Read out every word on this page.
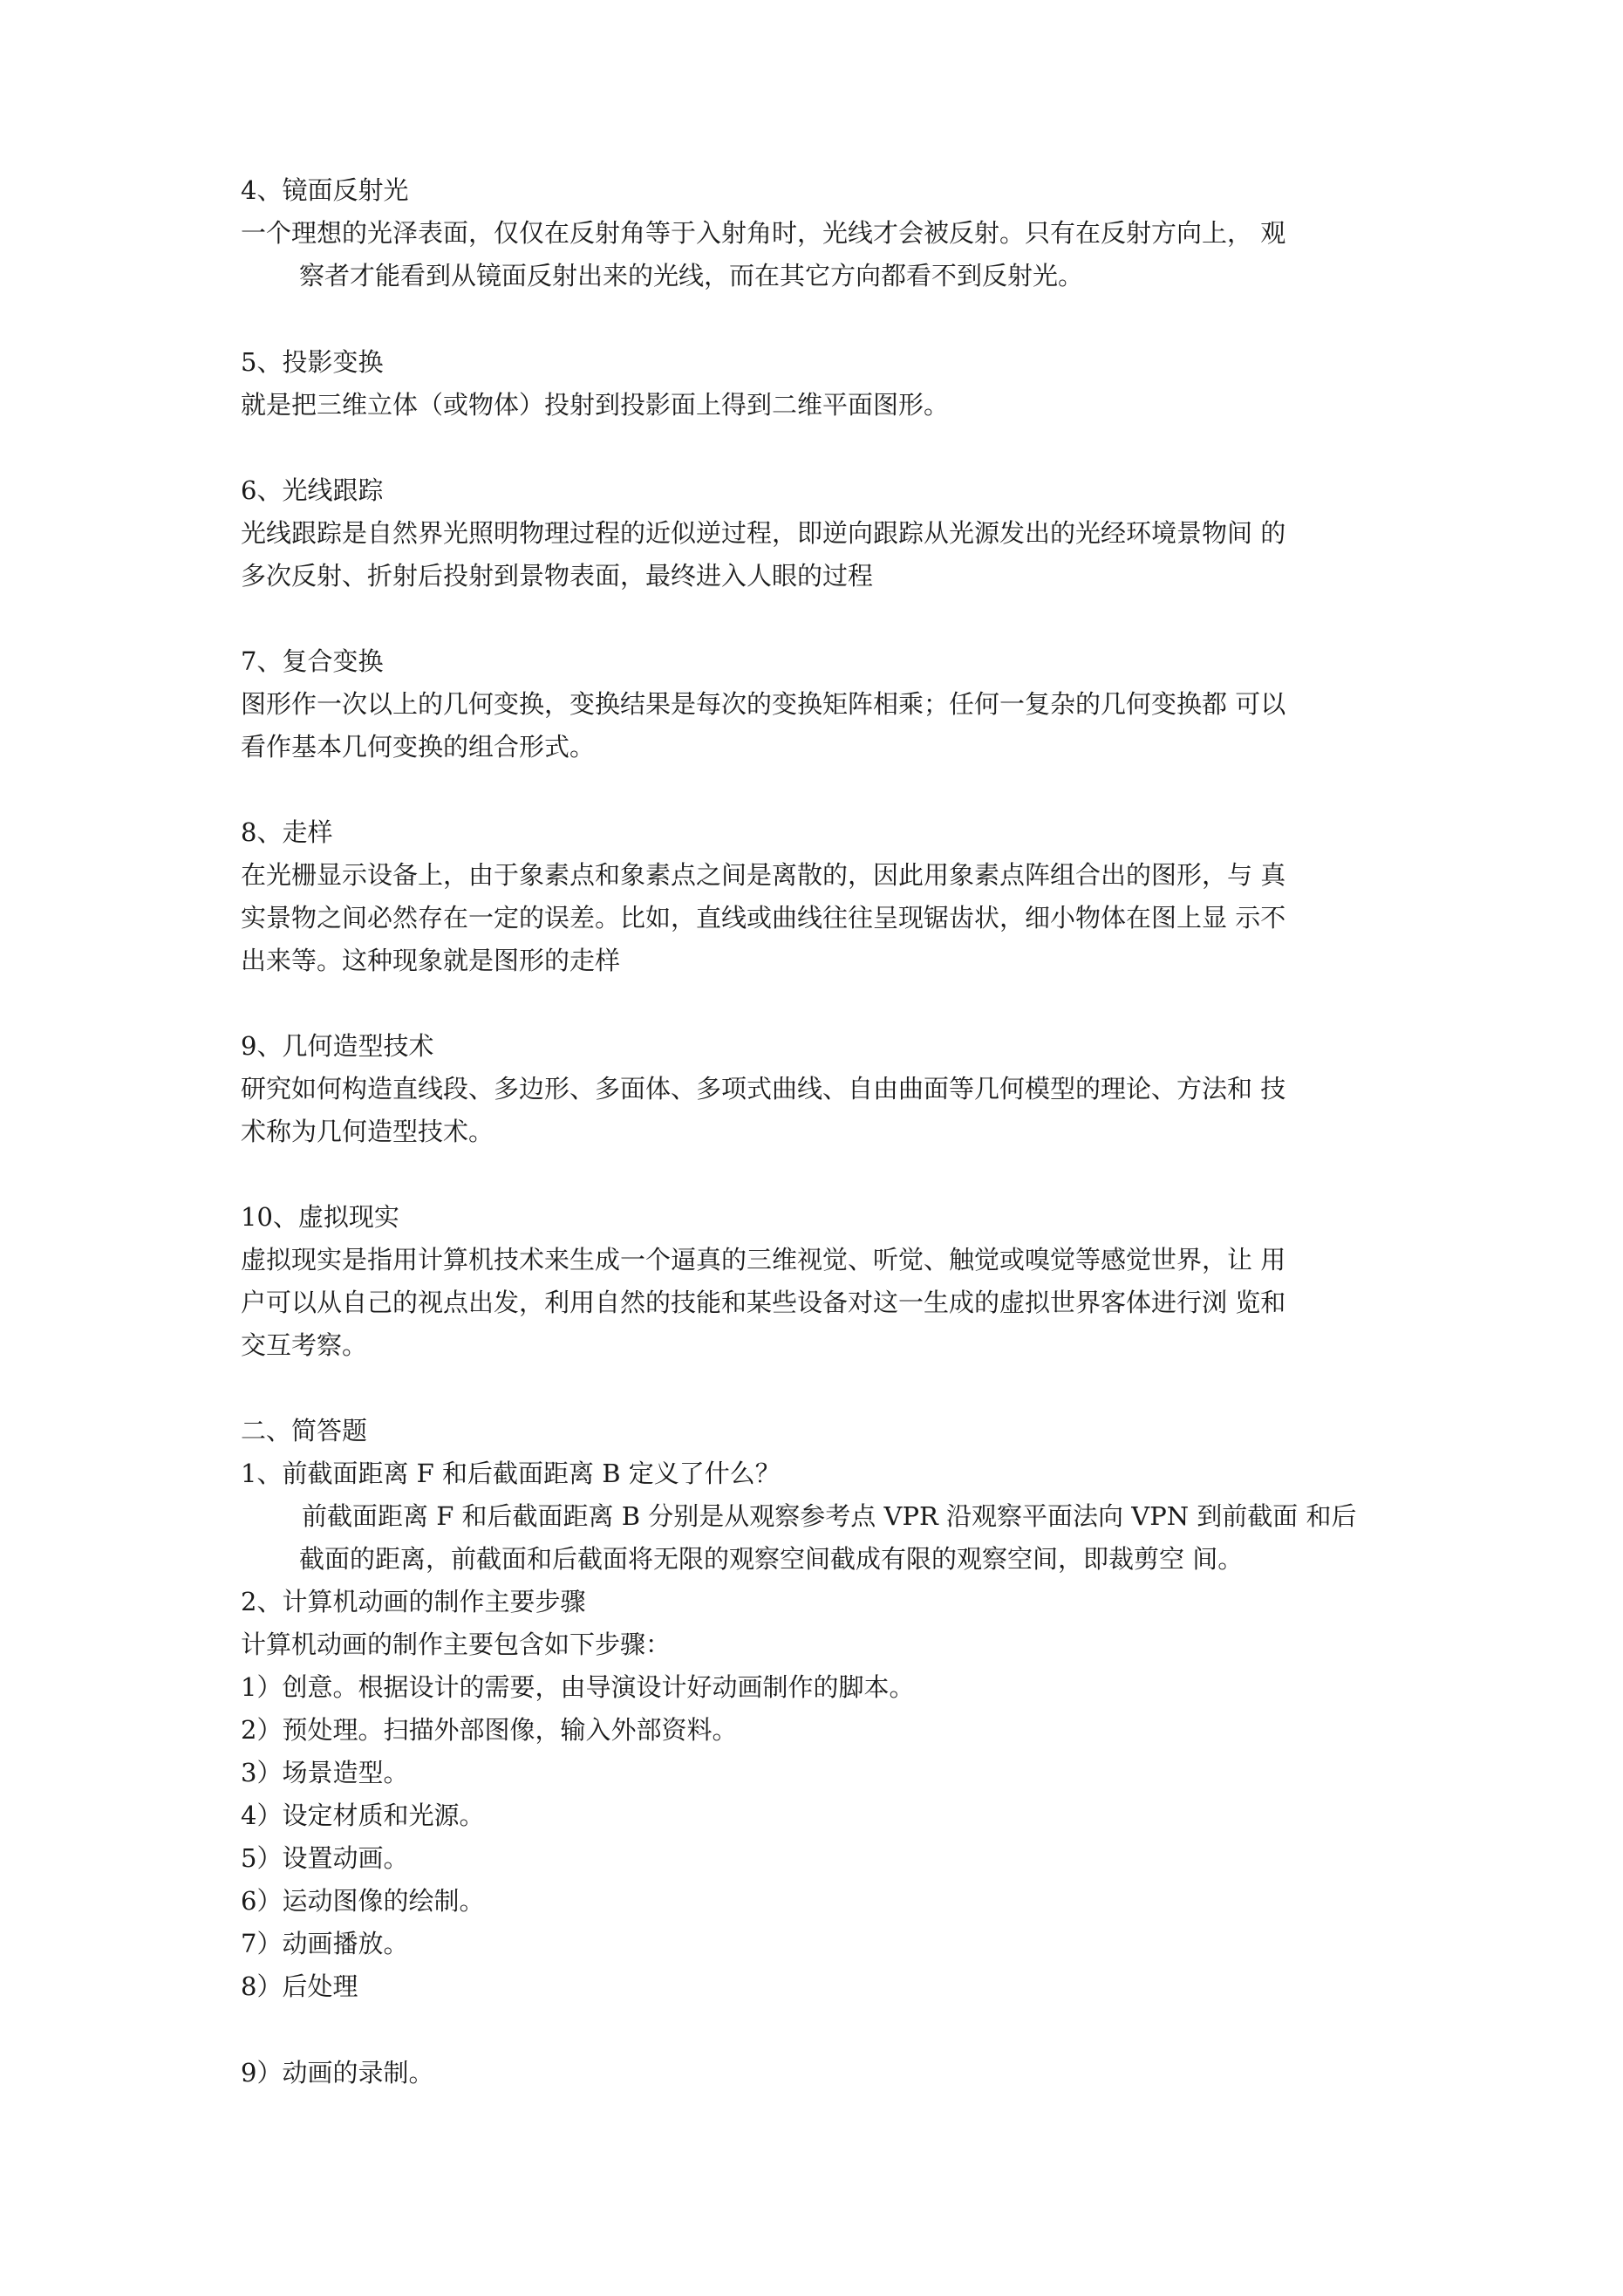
4、镜面反射光
一个理想的光泽表面，仅仅在反射角等于入射角时，光线才会被反射。只有在反射方向上， 观
察者才能看到从镜面反射出来的光线，而在其它方向都看不到反射光。
5、投影变换
就是把三维立体（或物体）投射到投影面上得到二维平面图形。
6、光线跟踪
光线跟踪是自然界光照明物理过程的近似逆过程，即逆向跟踪从光源发出的光经环境景物间 的
多次反射、折射后投射到景物表面，最终进入人眼的过程
7、复合变换
图形作一次以上的几何变换，变换结果是每次的变换矩阵相乘；任何一复杂的几何变换都 可以
看作基本几何变换的组合形式。
8、走样
在光栅显示设备上，由于象素点和象素点之间是离散的，因此用象素点阵组合出的图形，与 真
实景物之间必然存在一定的误差。比如，直线或曲线往往呈现锯齿状，细小物体在图上显 示不
出来等。这种现象就是图形的走样
9、几何造型技术
研究如何构造直线段、多边形、多面体、多项式曲线、自由曲面等几何模型的理论、方法和 技
术称为几何造型技术。
10、虚拟现实
虚拟现实是指用计算机技术来生成一个逼真的三维视觉、听觉、触觉或嗅觉等感觉世界，让 用
户可以从自己的视点出发，利用自然的技能和某些设备对这一生成的虚拟世界客体进行浏 览和
交互考察。
二、简答题
1、前截面距离 F 和后截面距离 B 定义了什么？
前截面距离 F 和后截面距离 B 分别是从观察参考点 VPR 沿观察平面法向 VPN 到前截面 和后
截面的距离，前截面和后截面将无限的观察空间截成有限的观察空间，即裁剪空 间。
2、计算机动画的制作主要步骤
计算机动画的制作主要包含如下步骤：
1）创意。根据设计的需要，由导演设计好动画制作的脚本。
2）预处理。扫描外部图像，输入外部资料。
3）场景造型。
4）设定材质和光源。
5）设置动画。
6）运动图像的绘制。
7）动画播放。
8）后处理
9）动画的录制。
